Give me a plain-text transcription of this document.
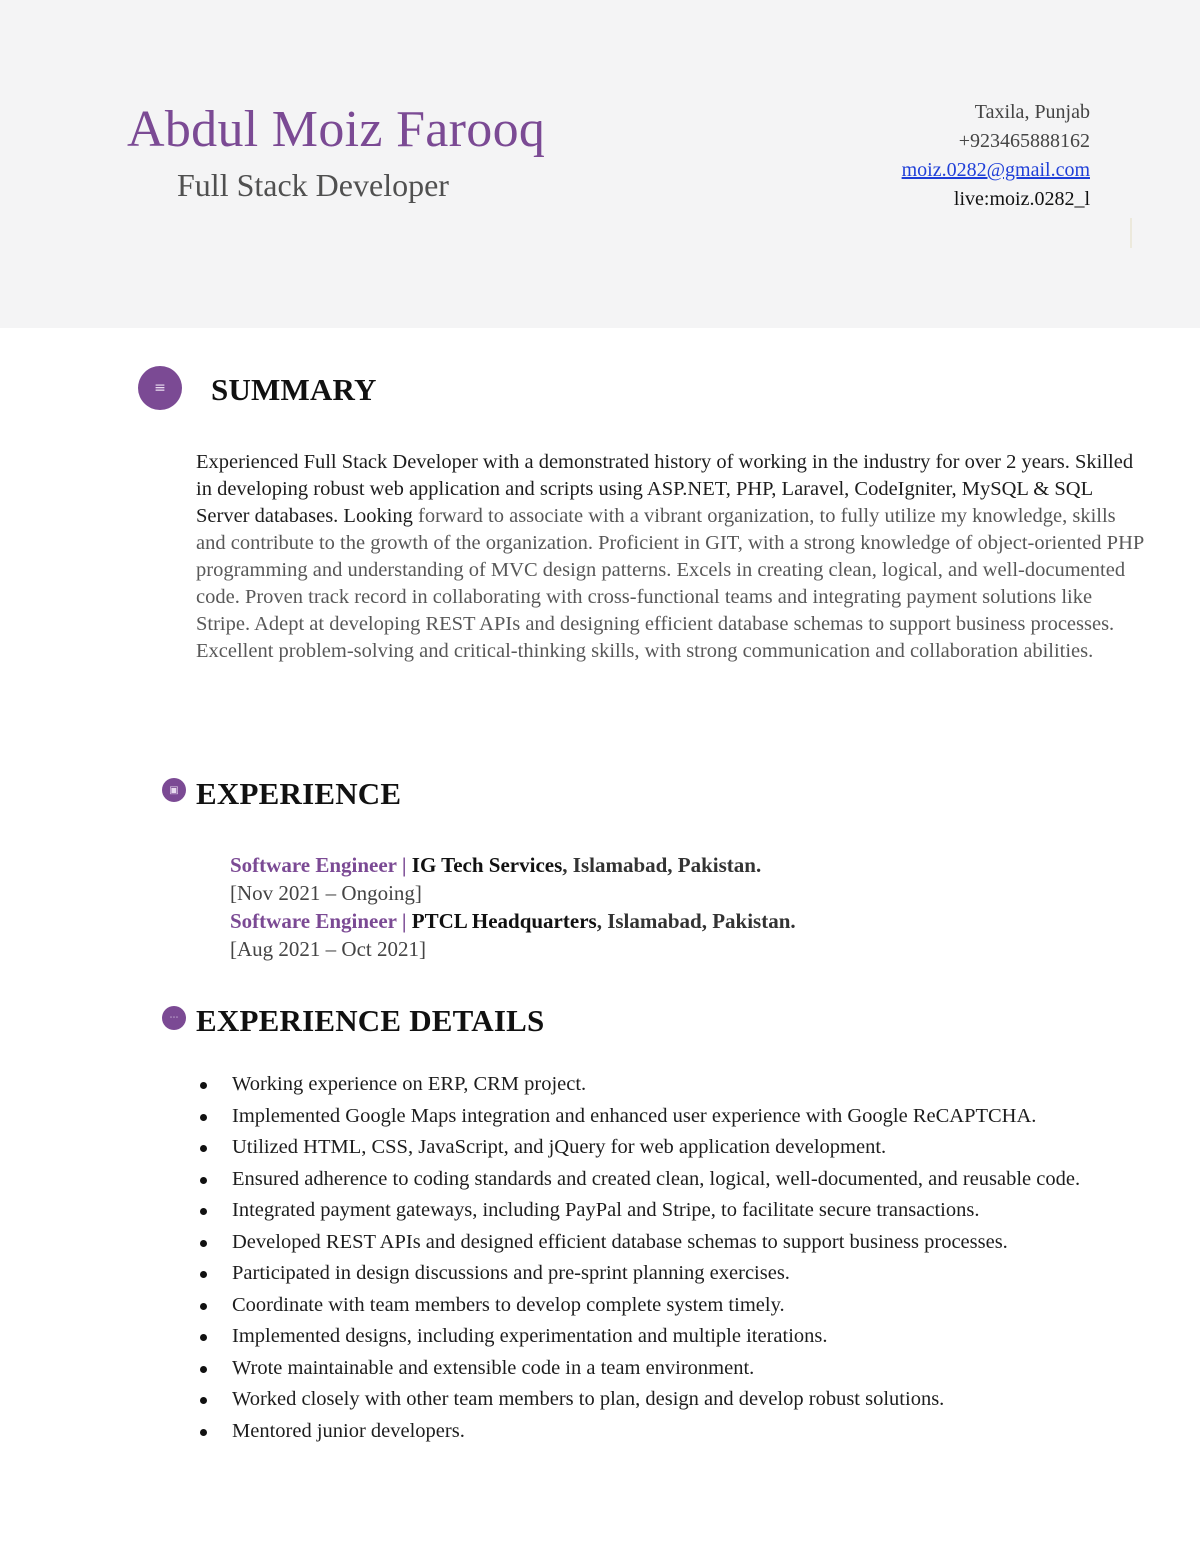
Abdul Moiz Farooq
Full Stack Developer
Taxila, Punjab
+923465888162
moiz.0282@gmail.com
live:moiz.0282_l
≡	SUMMARY

Experienced Full Stack Developer with a demonstrated history of working in the industry for over 2 years. Skilled in developing robust web application and scripts using ASP.NET, PHP, Laravel, CodeIgniter, MySQL & SQL Server databases. Looking forward to associate with a vibrant organization, to fully utilize my knowledge, skills and contribute to the growth of the organization. Proficient in GIT, with a strong knowledge of object-oriented PHP programming and understanding of MVC design patterns. Excels in creating clean, logical, and well-documented code. Proven track record in collaborating with cross-functional teams and integrating payment solutions like Stripe. Adept at developing REST APIs and designing efficient database schemas to support business processes. Excellent problem-solving and critical-thinking skills, with strong communication and collaboration abilities.

▣ EXPERIENCE
Software Engineer | IG Tech Services, Islamabad, Pakistan.
[Nov 2021 – Ongoing]
Software Engineer | PTCL Headquarters, Islamabad, Pakistan.
[Aug 2021 – Oct 2021]
⋯ EXPERIENCE DETAILS
Working experience on ERP, CRM project.
Implemented Google Maps integration and enhanced user experience with Google ReCAPTCHA.
Utilized HTML, CSS, JavaScript, and jQuery for web application development.
Ensured adherence to coding standards and created clean, logical, well-documented, and reusable code.
Integrated payment gateways, including PayPal and Stripe, to facilitate secure transactions.
Developed REST APIs and designed efficient database schemas to support business processes.
Participated in design discussions and pre-sprint planning exercises.
Coordinate with team members to develop complete system timely.
Implemented designs, including experimentation and multiple iterations.
Wrote maintainable and extensible code in a team environment.
Worked closely with other team members to plan, design and develop robust solutions.
Mentored junior developers.
